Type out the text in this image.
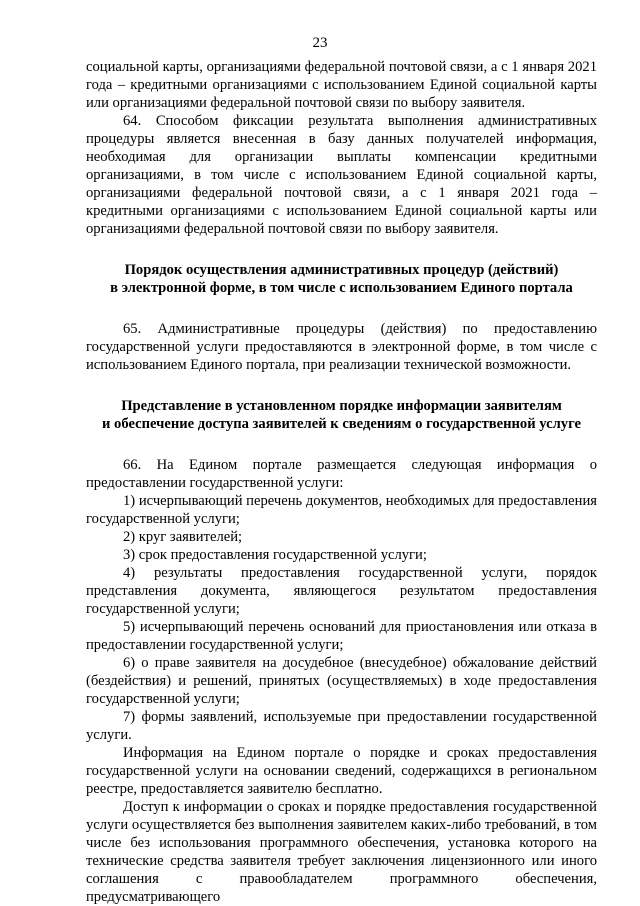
23

социальной карты, организациями федеральной почтовой связи, а с 1 января 2021 года – кредитными организациями с использованием Единой социальной карты или организациями федеральной почтовой связи по выбору заявителя.

64. Способом фиксации результата выполнения административных процедуры является внесенная в базу данных получателей информация, необходимая для организации выплаты компенсации кредитными организациями, в том числе с использованием Единой социальной карты, организациями федеральной почтовой связи, а с 1 января 2021 года – кредитными организациями с использованием Единой социальной карты или организациями федеральной почтовой связи по выбору заявителя.

Порядок осуществления административных процедур (действий)
в электронной форме, в том числе с использованием Единого портала

65. Административные процедуры (действия) по предоставлению государственной услуги предоставляются в электронной форме, в том числе с использованием Единого портала, при реализации технической возможности.

Представление в установленном порядке информации заявителям
и обеспечение доступа заявителей к сведениям о государственной услуге

66. На Едином портале размещается следующая информация о предоставлении государственной услуги:

1) исчерпывающий перечень документов, необходимых для предоставления государственной услуги;

2) круг заявителей;

3) срок предоставления государственной услуги;

4) результаты предоставления государственной услуги, порядок представления документа, являющегося результатом предоставления государственной услуги;

5) исчерпывающий перечень оснований для приостановления или отказа в предоставлении государственной услуги;

6) о праве заявителя на досудебное (внесудебное) обжалование действий (бездействия) и решений, принятых (осуществляемых) в ходе предоставления государственной услуги;

7) формы заявлений, используемые при предоставлении государственной услуги.

Информация на Едином портале о порядке и сроках предоставления государственной услуги на основании сведений, содержащихся в региональном реестре, предоставляется заявителю бесплатно.

Доступ к информации о сроках и порядке предоставления государственной услуги осуществляется без выполнения заявителем каких-либо требований, в том числе без использования программного обеспечения, установка которого на технические средства заявителя требует заключения лицензионного или иного соглашения с правообладателем программного обеспечения, предусматривающего
